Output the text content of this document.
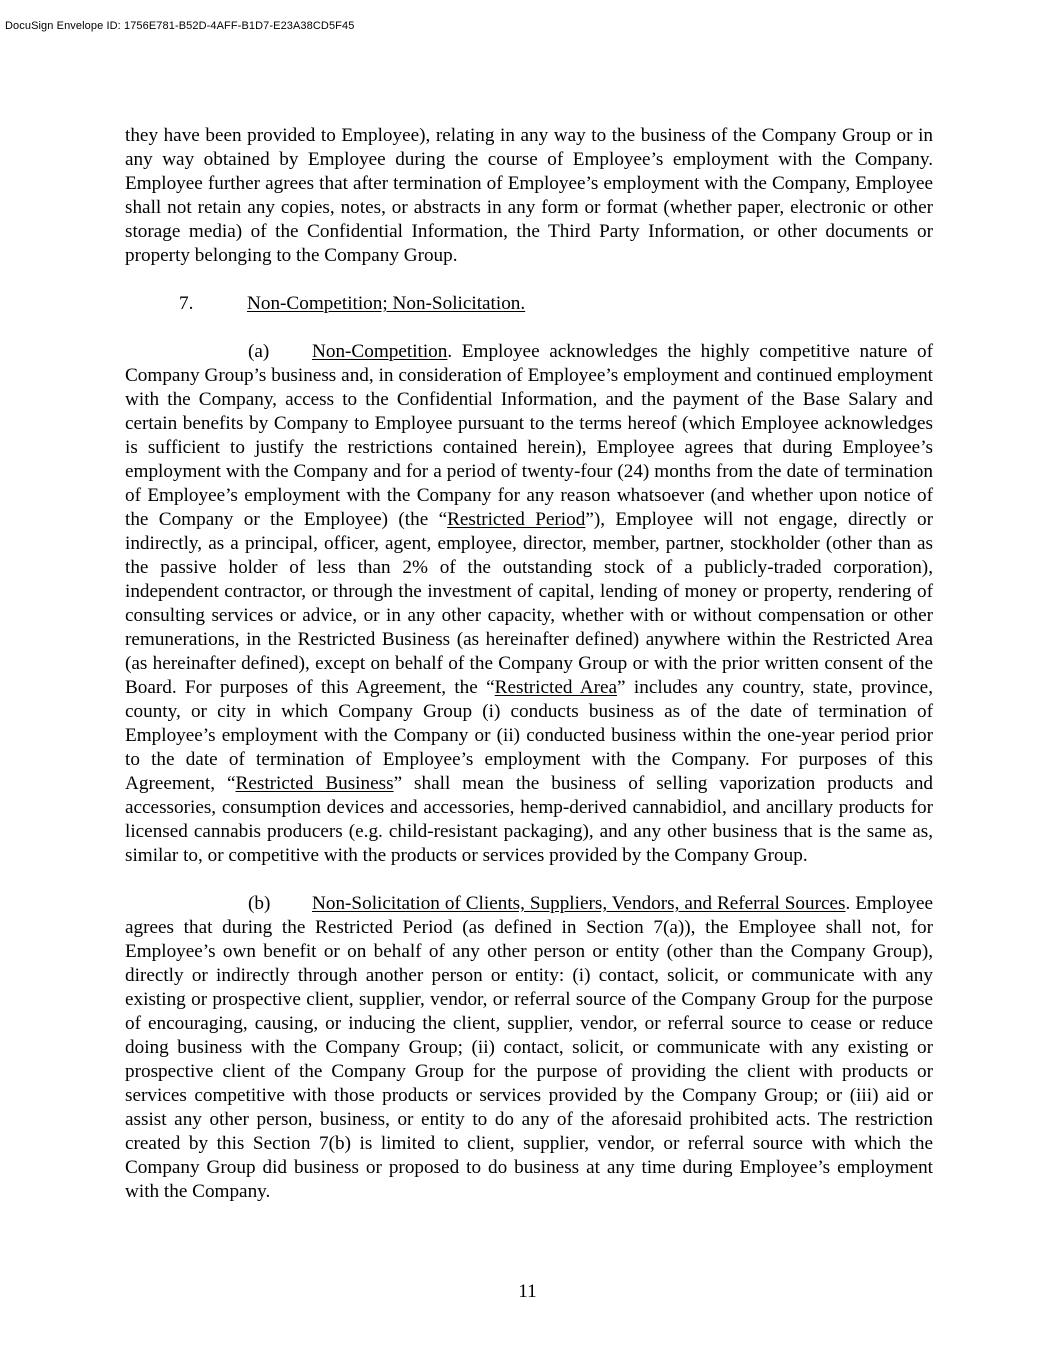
DocuSign Envelope ID: 1756E781-B52D-4AFF-B1D7-E23A38CD5F45

they have been provided to Employee), relating in any way to the business of the Company Group or in any way obtained by Employee during the course of Employee’s employment with the Company. Employee further agrees that after termination of Employee’s employment with the Company, Employee shall not retain any copies, notes, or abstracts in any form or format (whether paper, electronic or other storage media) of the Confidential Information, the Third Party Information, or other documents or property belonging to the Company Group.

7.	Non-Competition; Non-Solicitation.

(a) Non-Competition. Employee acknowledges the highly competitive nature of Company Group’s business and, in consideration of Employee’s employment and continued employment with the Company, access to the Confidential Information, and the payment of the Base Salary and certain benefits by Company to Employee pursuant to the terms hereof (which Employee acknowledges is sufficient to justify the restrictions contained herein), Employee agrees that during Employee’s employment with the Company and for a period of twenty-four (24) months from the date of termination of Employee’s employment with the Company for any reason whatsoever (and whether upon notice of the Company or the Employee) (the “Restricted Period”), Employee will not engage, directly or indirectly, as a principal, officer, agent, employee, director, member, partner, stockholder (other than as the passive holder of less than 2% of the outstanding stock of a publicly-traded corporation), independent contractor, or through the investment of capital, lending of money or property, rendering of consulting services or advice, or in any other capacity, whether with or without compensation or other remunerations, in the Restricted Business (as hereinafter defined) anywhere within the Restricted Area (as hereinafter defined), except on behalf of the Company Group or with the prior written consent of the Board. For purposes of this Agreement, the “Restricted Area” includes any country, state, province, county, or city in which Company Group (i) conducts business as of the date of termination of Employee’s employment with the Company or (ii) conducted business within the one-year period prior to the date of termination of Employee’s employment with the Company. For purposes of this Agreement, “Restricted Business” shall mean the business of selling vaporization products and accessories, consumption devices and accessories, hemp-derived cannabidiol, and ancillary products for licensed cannabis producers (e.g. child-resistant packaging), and any other business that is the same as, similar to, or competitive with the products or services provided by the Company Group.

(b) Non-Solicitation of Clients, Suppliers, Vendors, and Referral Sources. Employee agrees that during the Restricted Period (as defined in Section 7(a)), the Employee shall not, for Employee’s own benefit or on behalf of any other person or entity (other than the Company Group), directly or indirectly through another person or entity: (i) contact, solicit, or communicate with any existing or prospective client, supplier, vendor, or referral source of the Company Group for the purpose of encouraging, causing, or inducing the client, supplier, vendor, or referral source to cease or reduce doing business with the Company Group; (ii) contact, solicit, or communicate with any existing or prospective client of the Company Group for the purpose of providing the client with products or services competitive with those products or services provided by the Company Group; or (iii) aid or assist any other person, business, or entity to do any of the aforesaid prohibited acts. The restriction created by this Section 7(b) is limited to client, supplier, vendor, or referral source with which the Company Group did business or proposed to do business at any time during Employee’s employment with the Company.

11
